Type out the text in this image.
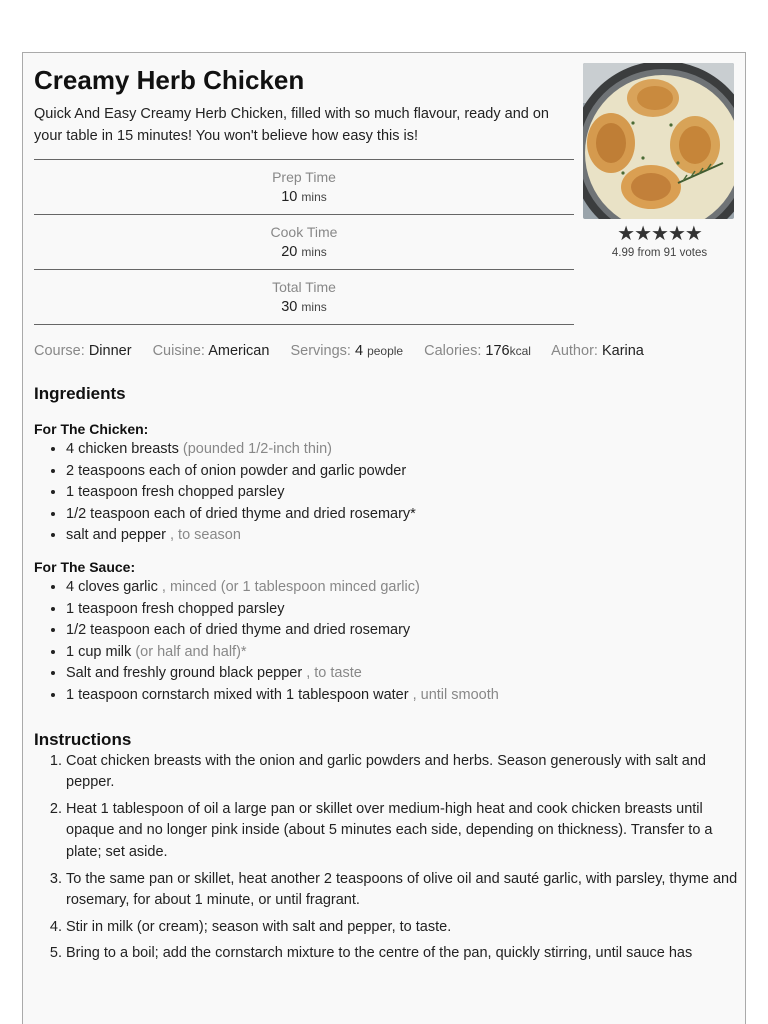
Creamy Herb Chicken

Quick And Easy Creamy Herb Chicken, filled with so much flavour, ready and on your table in 15 minutes! You won't believe how easy this is!

Prep Time
10 mins
Cook Time
20 mins
Total Time
30 mins
★★★★★
4.99 from 91 votes
Course: Dinner Cuisine: American Servings: 4 people Calories: 176kcal Author: Karina
Ingredients
For The Chicken:
• 4 chicken breasts (pounded 1/2-inch thin)
• 2 teaspoons each of onion powder and garlic powder
• 1 teaspoon fresh chopped parsley
• 1/2 teaspoon each of dried thyme and dried rosemary*
• salt and pepper , to season
For The Sauce:
• 4 cloves garlic , minced (or 1 tablespoon minced garlic)
• 1 teaspoon fresh chopped parsley
• 1/2 teaspoon each of dried thyme and dried rosemary
• 1 cup milk (or half and half)*
• Salt and freshly ground black pepper , to taste
• 1 teaspoon cornstarch mixed with 1 tablespoon water , until smooth
Instructions
1. Coat chicken breasts with the onion and garlic powders and herbs. Season generously with salt and pepper.
2. Heat 1 tablespoon of oil a large pan or skillet over medium-high heat and cook chicken breasts until opaque and no longer pink inside (about 5 minutes each side, depending on thickness). Transfer to a plate; set aside.
3. To the same pan or skillet, heat another 2 teaspoons of olive oil and sauté garlic, with parsley, thyme and rosemary, for about 1 minute, or until fragrant.
4. Stir in milk (or cream); season with salt and pepper, to taste.
5. Bring to a boil; add the cornstarch mixture to the centre of the pan, quickly stirring, until sauce has
